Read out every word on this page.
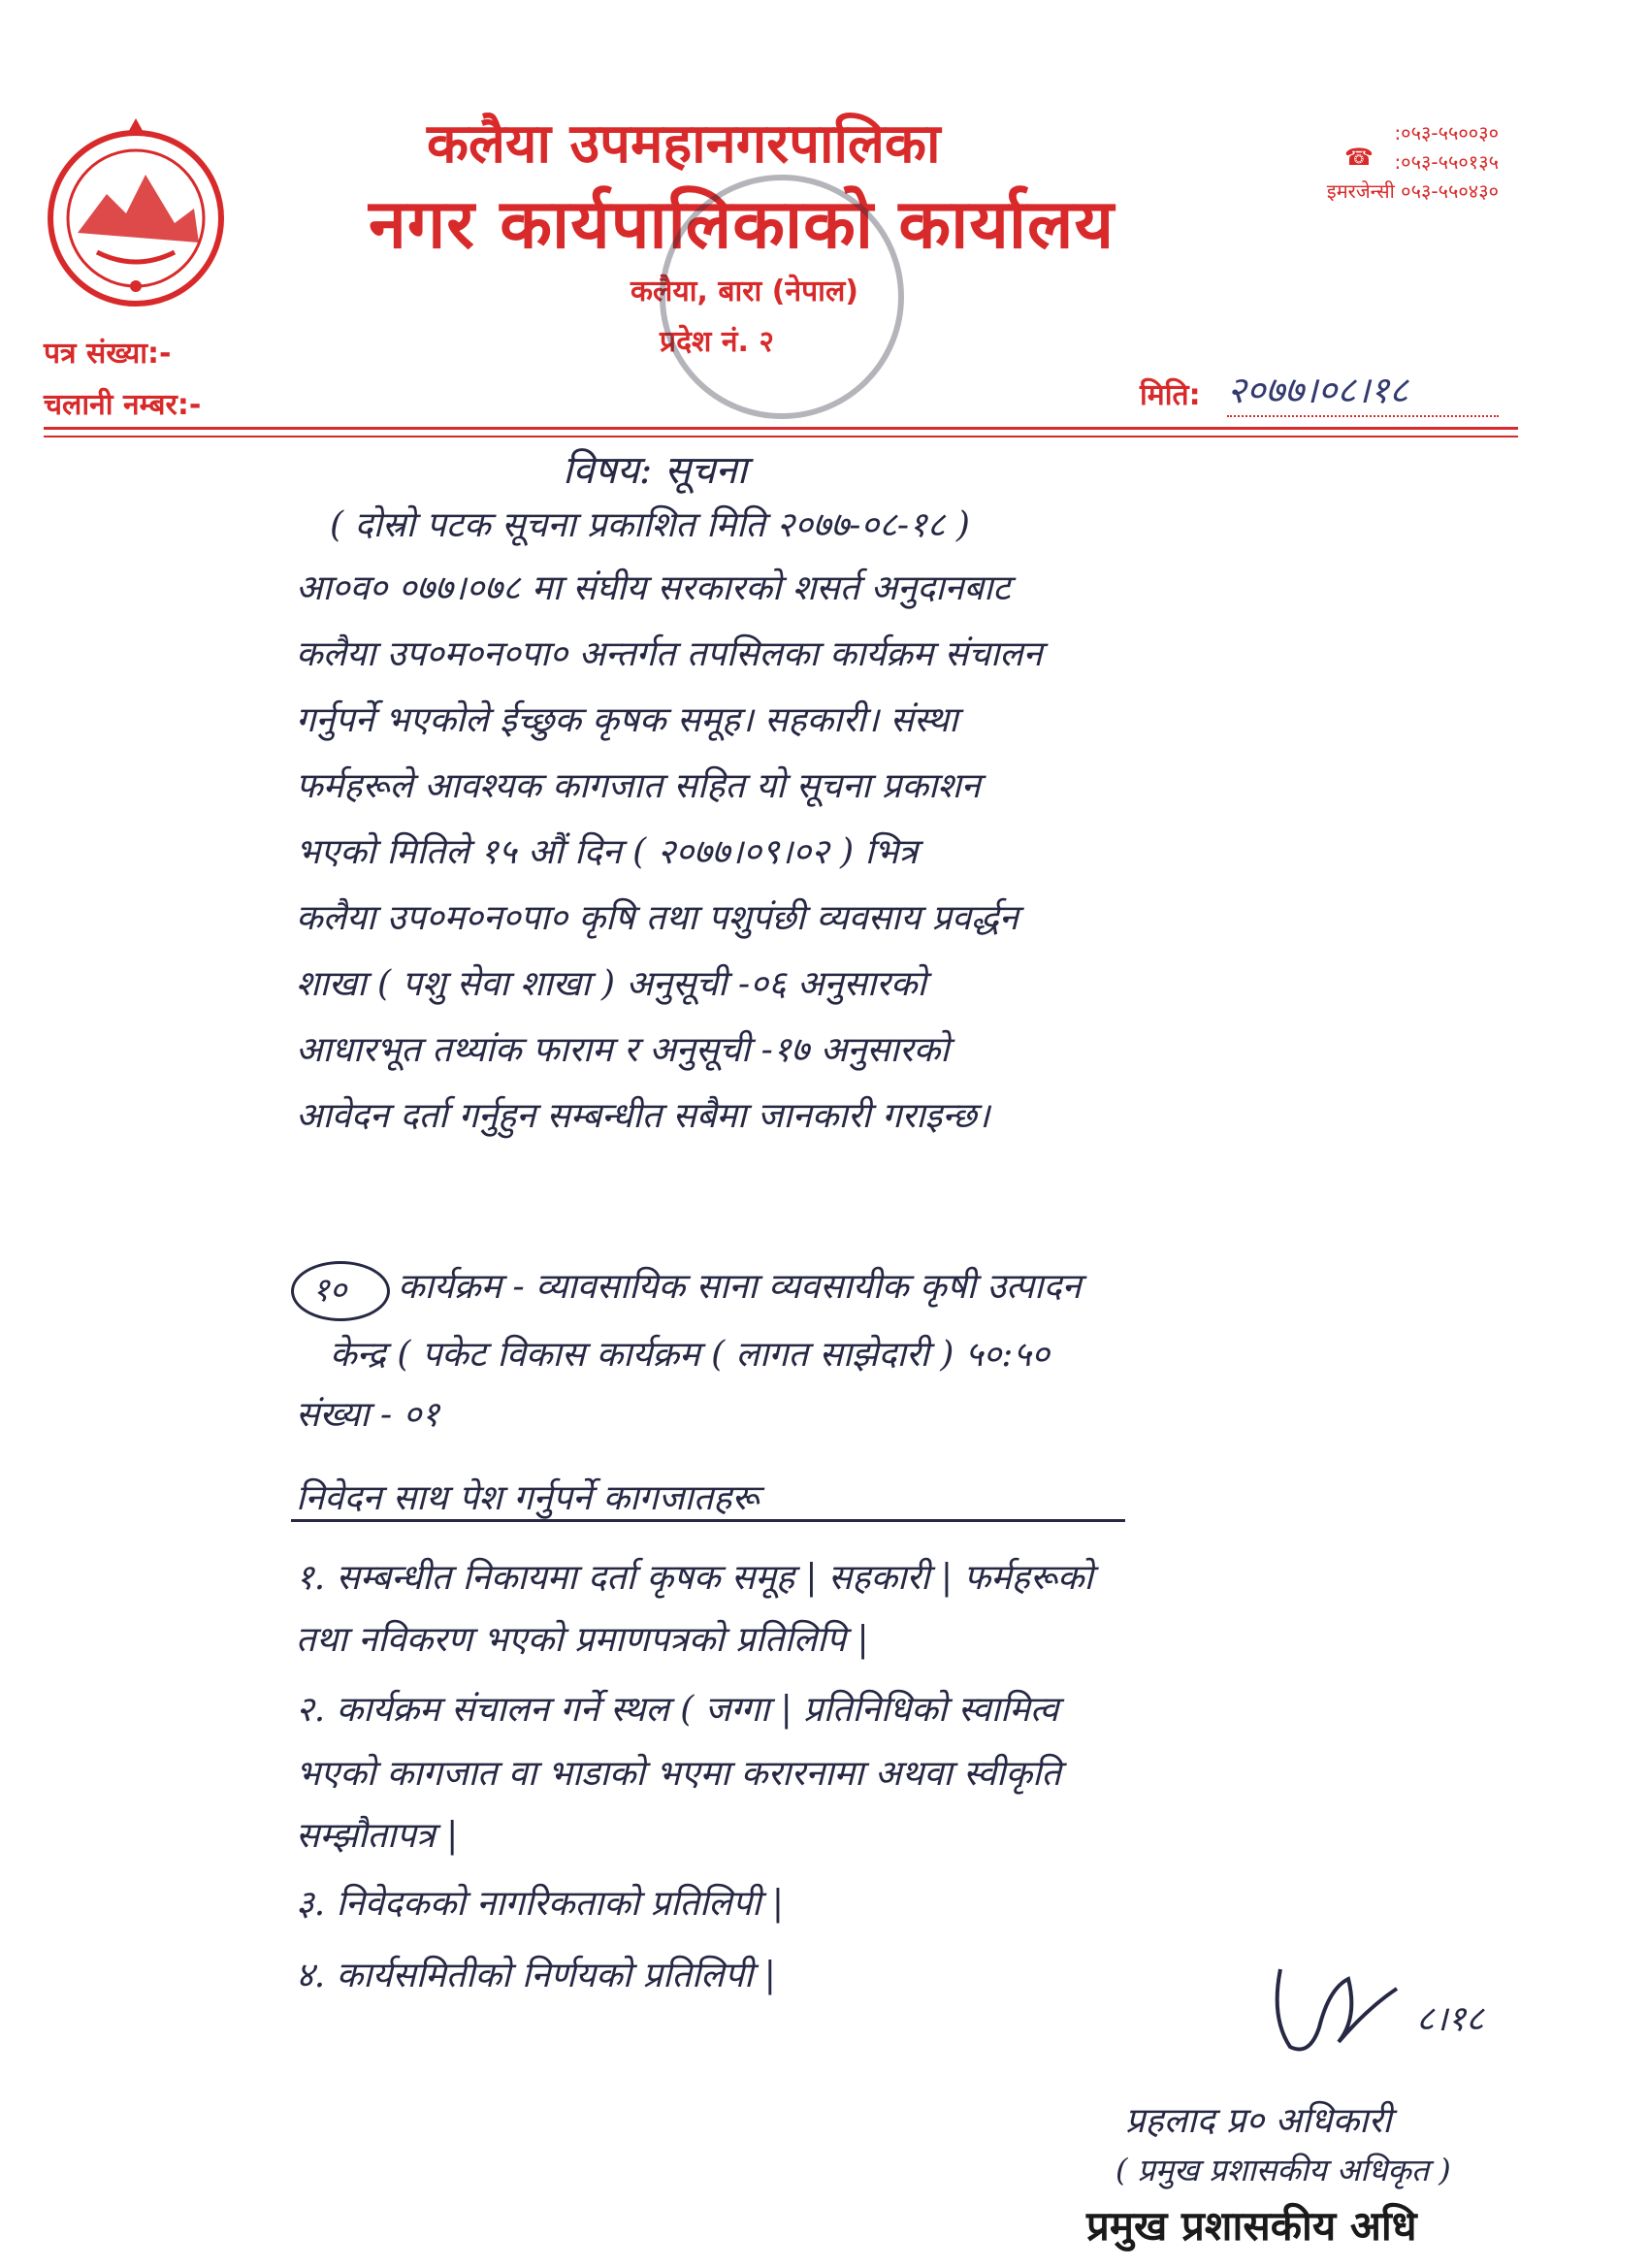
कलैया उपमहानगरपालिका
नगर कार्यपालिकाको कार्यालय
कलैया, बारा (नेपाल)
प्रदेश नं. २
☎
:०५३-५५००३०
:०५३-५५०१३५
इमरजेन्सी ०५३-५५०४३०
पत्र संख्या:-
चलानी नम्बर:-	मिति: २०७७।०८।१८
विषय: सूचना
( दोस्रो पटक सूचना प्रकाशित मिति २०७७-०८-१८ )
आ०व० ०७७।०७८ मा संघीय सरकारको शसर्त अनुदानबाट
कलैया उप०म०न०पा० अन्तर्गत तपसिलका कार्यक्रम संचालन
गर्नुपर्ने भएकोले ईच्छुक कृषक समूह। सहकारी। संस्था
फर्महरूले आवश्यक कागजात सहित यो सूचना प्रकाशन
भएको मितिले १५ औं दिन ( २०७७।०९।०२ ) भित्र
कलैया उप०म०न०पा० कृषि तथा पशुपंछी व्यवसाय प्रवर्द्धन
शाखा ( पशु सेवा शाखा ) अनुसूची -०६ अनुसारको
आधारभूत तथ्यांक फाराम र अनुसूची -१७ अनुसारको
आवेदन दर्ता गर्नुहुन सम्बन्धीत सबैमा जानकारी गराइन्छ।
१० कार्यक्रम - व्यावसायिक साना व्यवसायीक कृषी उत्पादन
केन्द्र ( पकेट विकास कार्यक्रम ( लागत साझेदारी ) ५०:५०
संख्या - ०१
निवेदन साथ पेश गर्नुपर्ने कागजातहरू
१. सम्बन्धीत निकायमा दर्ता कृषक समूह | सहकारी | फर्महरूको
तथा नविकरण भएको प्रमाणपत्रको प्रतिलिपि |
२. कार्यक्रम संचालन गर्ने स्थल ( जग्गा | प्रतिनिधिको स्वामित्व
भएको कागजात वा भाडाको भएमा करारनामा अथवा स्वीकृति
सम्झौतापत्र |
३. निवेदकको नागरिकताको प्रतिलिपी |
४. कार्यसमितीको निर्णयको प्रतिलिपी |
८।१८
प्रहलाद प्र० अधिकारी
( प्रमुख प्रशासकीय अधिकृत )
प्रमुख प्रशासकीय अधि
